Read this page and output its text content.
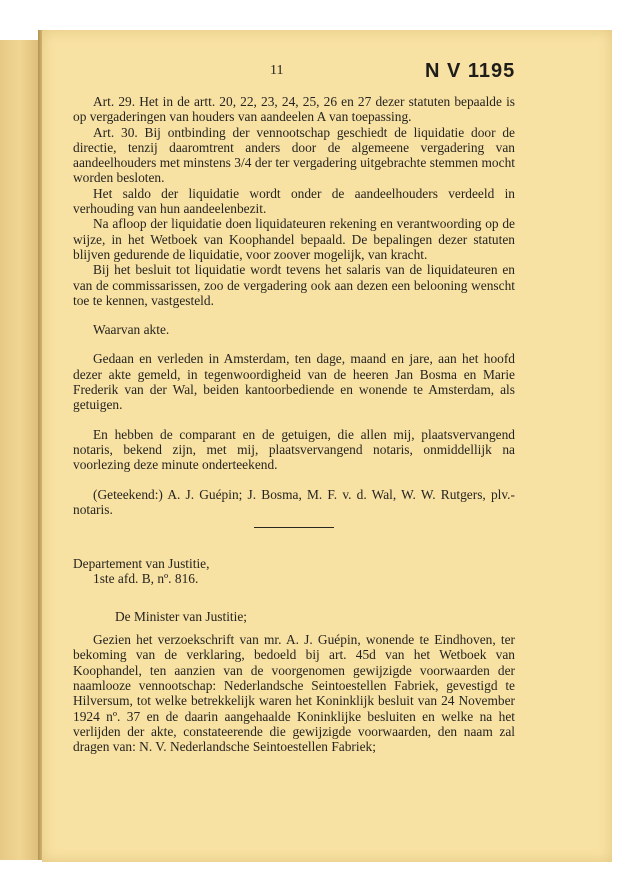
11	N V 1195

Art. 29. Het in de artt. 20, 22, 23, 24, 25, 26 en 27 dezer statuten bepaalde is op vergaderingen van houders van aandeelen A van toepassing.

Art. 30. Bij ontbinding der vennootschap geschiedt de liquidatie door de directie, tenzij daaromtrent anders door de algemeene vergadering van aandeelhouders met minstens 3/4 der ter vergadering uitgebrachte stemmen mocht worden besloten.

Het saldo der liquidatie wordt onder de aandeelhouders verdeeld in verhouding van hun aandeelenbezit.

Na afloop der liquidatie doen liquidateuren rekening en verantwoording op de wijze, in het Wetboek van Koophandel bepaald. De bepalingen dezer statuten blijven gedurende de liquidatie, voor zoover mogelijk, van kracht.

Bij het besluit tot liquidatie wordt tevens het salaris van de liquidateuren en van de commissarissen, zoo de vergadering ook aan dezen een belooning wenscht toe te kennen, vastgesteld.

Waarvan akte.

Gedaan en verleden in Amsterdam, ten dage, maand en jare, aan het hoofd dezer akte gemeld, in tegenwoordigheid van de heeren Jan Bosma en Marie Frederik van der Wal, beiden kantoorbediende en wonende te Amsterdam, als getuigen.

En hebben de comparant en de getuigen, die allen mij, plaatsvervangend notaris, bekend zijn, met mij, plaatsvervangend notaris, onmiddellijk na voorlezing deze minute onderteekend.

(Geteekend:) A. J. Guépin; J. Bosma, M. F. v. d. Wal, W. W. Rutgers, plv.-notaris.

Departement van Justitie,

1ste afd. B, nº. 816.

De Minister van Justitie;

Gezien het verzoekschrift van mr. A. J. Guépin, wonende te Eindhoven, ter bekoming van de verklaring, bedoeld bij art. 45d van het Wetboek van Koophandel, ten aanzien van de voorgenomen gewijzigde voorwaarden der naamlooze vennootschap: Nederlandsche Seintoestellen Fabriek, gevestigd te Hilversum, tot welke betrekkelijk waren het Koninklijk besluit van 24 November 1924 nº. 37 en de daarin aangehaalde Koninklijke besluiten en welke na het verlijden der akte, constateerende die gewijzigde voorwaarden, den naam zal dragen van: N. V. Nederlandsche Seintoestellen Fabriek;
